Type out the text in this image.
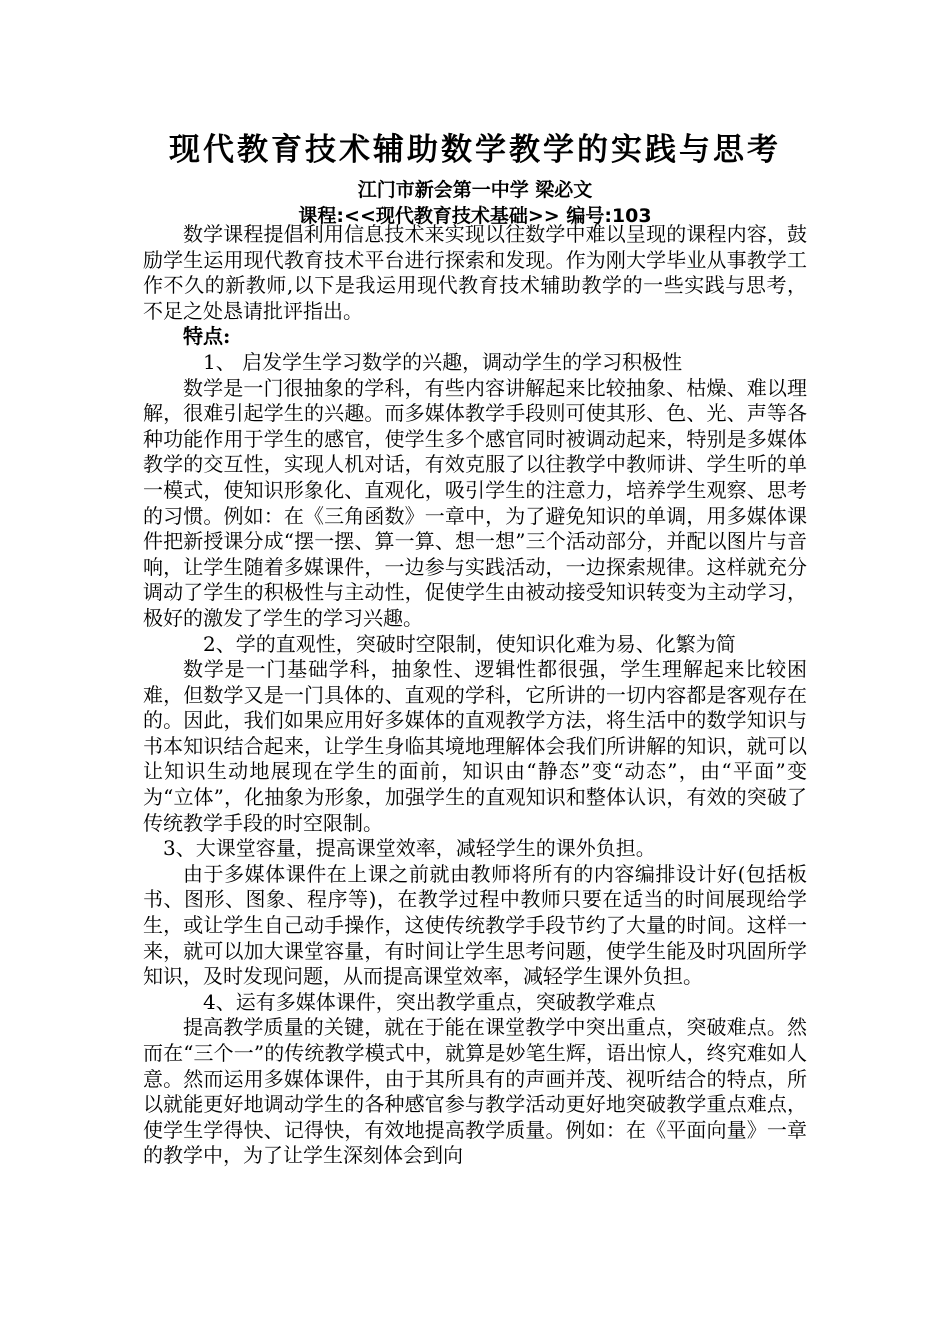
现代教育技术辅助数学教学的实践与思考
江门市新会第一中学 梁必文
课程:<<现代教育技术基础>> 编号:103

数学课程提倡利用信息技术来实现以往数学中难以呈现的课程内容，鼓励学生运用现代教育技术平台进行探索和发现。作为刚大学毕业从事教学工作不久的新教师,以下是我运用现代教育技术辅助教学的一些实践与思考，不足之处恳请批评指出。

特点:

1、 启发学生学习数学的兴趣，调动学生的学习积极性

数学是一门很抽象的学科，有些内容讲解起来比较抽象、枯燥、难以理解，很难引起学生的兴趣。而多媒体教学手段则可使其形、色、光、声等各种功能作用于学生的感官，使学生多个感官同时被调动起来，特别是多媒体教学的交互性，实现人机对话，有效克服了以往教学中教师讲、学生听的单一模式，使知识形象化、直观化，吸引学生的注意力，培养学生观察、思考的习惯。例如：在《三角函数》一章中，为了避免知识的单调，用多媒体课件把新授课分成“摆一摆、算一算、想一想”三个活动部分，并配以图片与音响，让学生随着多媒课件，一边参与实践活动，一边探索规律。这样就充分调动了学生的积极性与主动性，促使学生由被动接受知识转变为主动学习，极好的激发了学生的学习兴趣。

2、学的直观性，突破时空限制，使知识化难为易、化繁为简

数学是一门基础学科，抽象性、逻辑性都很强，学生理解起来比较困难，但数学又是一门具体的、直观的学科，它所讲的一切内容都是客观存在的。因此，我们如果应用好多媒体的直观教学方法，将生活中的数学知识与书本知识结合起来，让学生身临其境地理解体会我们所讲解的知识，就可以让知识生动地展现在学生的面前，知识由“静态”变“动态”，由“平面”变为“立体”，化抽象为形象，加强学生的直观知识和整体认识，有效的突破了传统教学手段的时空限制。

3、大课堂容量，提高课堂效率，减轻学生的课外负担。

由于多媒体课件在上课之前就由教师将所有的内容编排设计好(包括板书、图形、图象、程序等)，在教学过程中教师只要在适当的时间展现给学生，或让学生自己动手操作，这使传统教学手段节约了大量的时间。这样一来，就可以加大课堂容量，有时间让学生思考问题，使学生能及时巩固所学知识，及时发现问题，从而提高课堂效率，减轻学生课外负担。

4、运有多媒体课件，突出教学重点，突破教学难点

提高教学质量的关键，就在于能在课堂教学中突出重点，突破难点。然而在“三个一”的传统教学模式中，就算是妙笔生辉，语出惊人，终究难如人意。然而运用多媒体课件，由于其所具有的声画并茂、视听结合的特点，所以就能更好地调动学生的各种感官参与教学活动更好地突破教学重点难点，使学生学得快、记得快，有效地提高教学质量。例如：在《平面向量》一章的教学中，为了让学生深刻体会到向
